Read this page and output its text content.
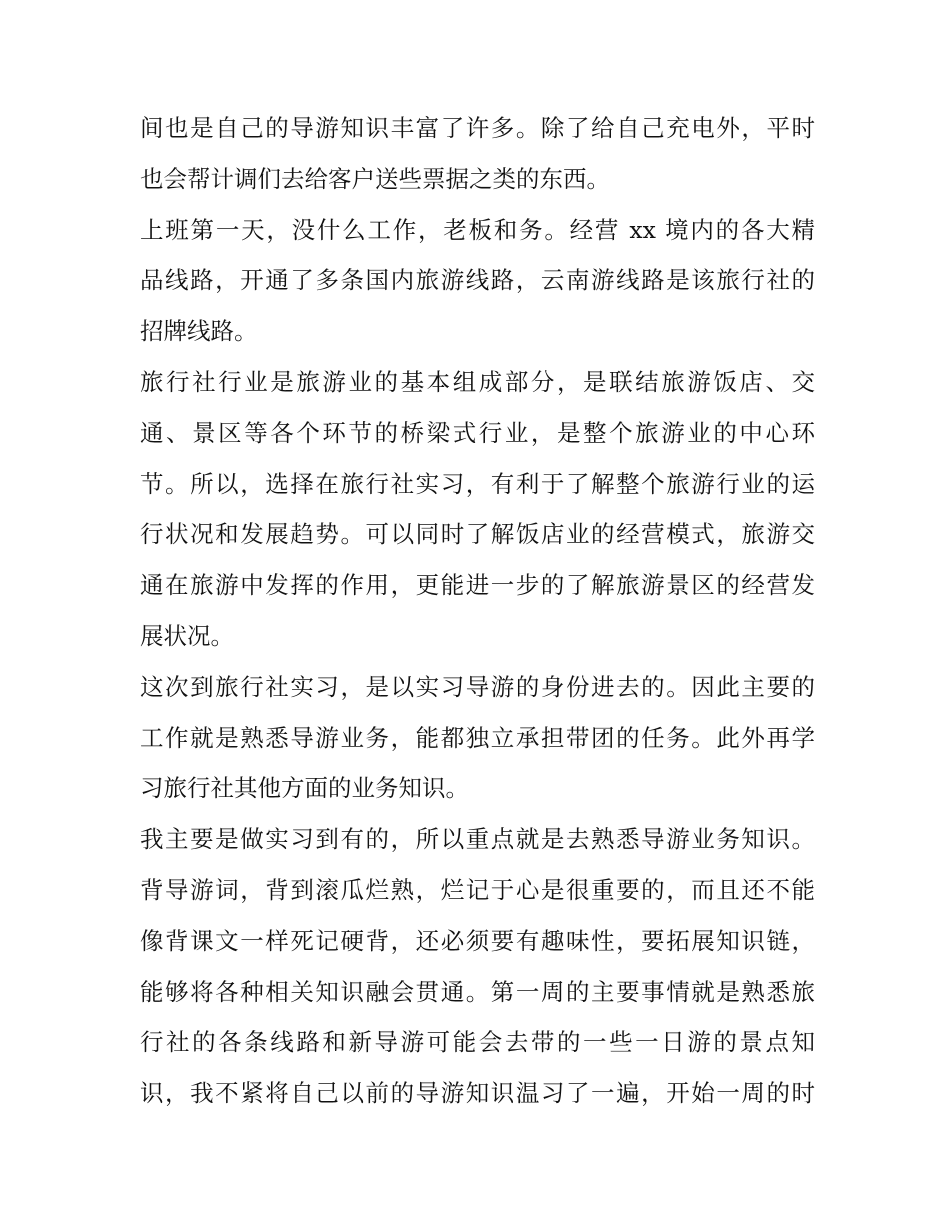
间也是自己的导游知识丰富了许多。除了给自己充电外，平时
也会帮计调们去给客户送些票据之类的东西。
上班第一天，没什么工作，老板和务。经营 xx 境内的各大精
品线路，开通了多条国内旅游线路，云南游线路是该旅行社的
招牌线路。
旅行社行业是旅游业的基本组成部分，是联结旅游饭店、交
通、景区等各个环节的桥梁式行业，是整个旅游业的中心环
节。所以，选择在旅行社实习，有利于了解整个旅游行业的运
行状况和发展趋势。可以同时了解饭店业的经营模式，旅游交
通在旅游中发挥的作用，更能进一步的了解旅游景区的经营发
展状况。
这次到旅行社实习，是以实习导游的身份进去的。因此主要的
工作就是熟悉导游业务，能都独立承担带团的任务。此外再学
习旅行社其他方面的业务知识。
我主要是做实习到有的，所以重点就是去熟悉导游业务知识。
背导游词，背到滚瓜烂熟，烂记于心是很重要的，而且还不能
像背课文一样死记硬背，还必须要有趣味性，要拓展知识链，
能够将各种相关知识融会贯通。第一周的主要事情就是熟悉旅
行社的各条线路和新导游可能会去带的一些一日游的景点知
识，我不紧将自己以前的导游知识温习了一遍，开始一周的时
